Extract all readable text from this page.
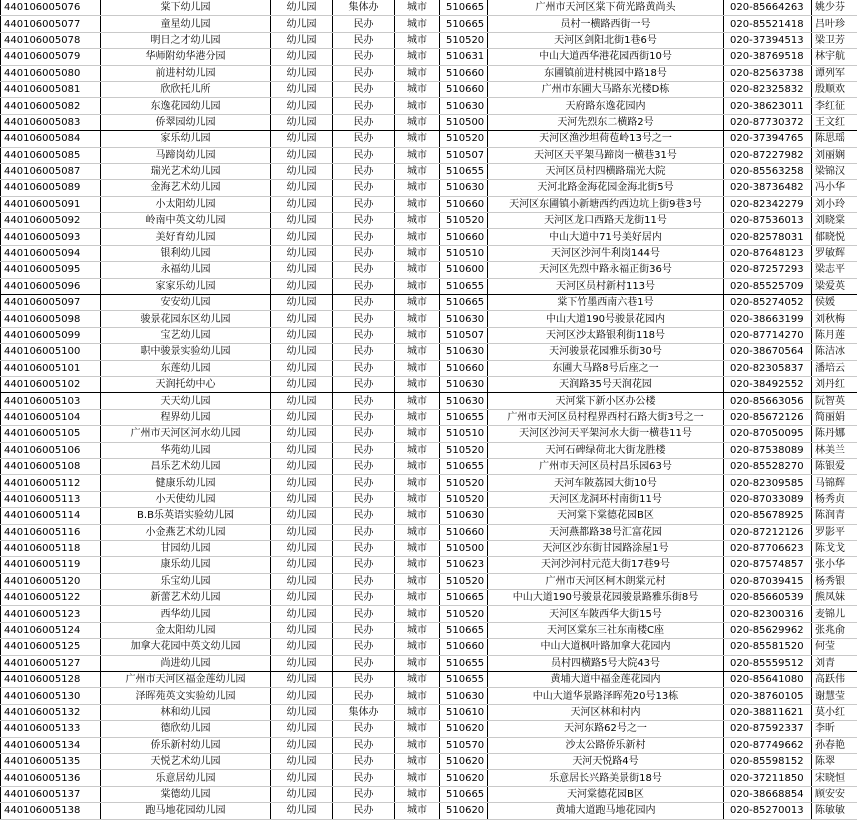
440106005076	棠下幼儿园	幼儿园	集体办	城市	510665	广州市天河区棠下荷光路黄尚头	020-85664263	姚少芬
440106005077	童星幼儿园	幼儿园	民办	城市	510665	员村一横路西街一号	020-85521418	吕叶珍
440106005078	明日之才幼儿园	幼儿园	民办	城市	510520	天河区剑阳北街1巷6号	020-37394513	梁卫芳
440106005079	华师附幼华港分园	幼儿园	民办	城市	510631	中山大道西华港花园西街10号	020-38769518	林宇航
440106005080	前进村幼儿园	幼儿园	民办	城市	510660	东圃镇前进村桃园中路18号	020-82563738	谭列军
440106005081	欣欣托儿所	幼儿园	民办	城市	510660	广州市东圃大马路东光楼D栋	020-82325832	殷顺欢
440106005082	东逸花园幼儿园	幼儿园	民办	城市	510630	天府路东逸花园内	020-38623011	李红征
440106005083	侨翠园幼儿园	幼儿园	民办	城市	510500	天河先烈东二横路2号	020-87730372	王文红
440106005084	家乐幼儿园	幼儿园	民办	城市	510520	天河区渔沙坦荷苞岭13号之一	020-37394765	陈思瑶
440106005085	马蹄岗幼儿园	幼儿园	民办	城市	510507	天河区天平架马蹄岗一横巷31号	020-87227982	刘丽娴
440106005087	瑞光艺术幼儿园	幼儿园	民办	城市	510655	天河区员村四横路瑞光大院	020-85563258	梁锦汉
440106005089	金海艺术幼儿园	幼儿园	民办	城市	510630	天河北路金海花园金海北街5号	020-38736482	冯小华
440106005091	小太阳幼儿园	幼儿园	民办	城市	510660	天河区东圃镇小新塘西约西边坑上街9巷3号	020-82342279	刘小玲
440106005092	岭南中英文幼儿园	幼儿园	民办	城市	510520	天河区龙口西路天龙街11号	020-87536013	刘晓棠
440106005093	美好育幼儿园	幼儿园	民办	城市	510660	中山大道中71号美好居内	020-82578031	郁晓悦
440106005094	银利幼儿园	幼儿园	民办	城市	510510	天河区沙河牛利岗144号	020-87648123	罗敏辉
440106005095	永福幼儿园	幼儿园	民办	城市	510600	天河区先烈中路永福正街36号	020-87257293	梁志平
440106005096	家家乐幼儿园	幼儿园	民办	城市	510655	天河区员村新村113号	020-85525709	梁爱英
440106005097	安安幼儿园	幼儿园	民办	城市	510665	棠下竹墨西南六巷1号	020-85274052	侯媛
440106005098	骏景花园东区幼儿园	幼儿园	民办	城市	510630	中山大道190号骏景花园内	020-38663199	刘秋梅
440106005099	宝艺幼儿园	幼儿园	民办	城市	510507	天河区沙太路银利街118号	020-87714270	陈月莲
440106005100	职中骏景实验幼儿园	幼儿园	民办	城市	510630	天河骏景花园雅乐街30号	020-38670564	陈洁冰
440106005101	东莲幼儿园	幼儿园	民办	城市	510660	东圃大马路8号后座之一	020-82305837	潘培云
440106005102	天润托幼中心	幼儿园	民办	城市	510630	天润路35号天润花园	020-38492552	刘丹红
440106005103	天天幼儿园	幼儿园	民办	城市	510630	天河棠下新小区办公楼	020-85663056	阮智英
440106005104	程界幼儿园	幼儿园	民办	城市	510655	广州市天河区员村程界西村石路大街3号之一	020-85672126	简丽娟
440106005105	广州市天河区河水幼儿园	幼儿园	民办	城市	510510	天河区沙河天平架河水大街一横巷11号	020-87050095	陈丹娜
440106005106	华苑幼儿园	幼儿园	民办	城市	510520	天河石碑绿荷北大街龙胜楼	020-87538089	林美兰
440106005108	昌乐艺术幼儿园	幼儿园	民办	城市	510655	广州市天河区员村昌乐园63号	020-85528270	陈银爱
440106005112	健康乐幼儿园	幼儿园	民办	城市	510520	天河车陂荔园大街10号	020-82309585	马锦辉
440106005113	小天使幼儿园	幼儿园	民办	城市	510520	天河区龙洞环村南街11号	020-87033089	杨秀贞
440106005114	B.B乐英语实验幼儿园	幼儿园	民办	城市	510630	天河棠下棠德花园B区	020-85678925	陈润青
440106005116	小金燕艺术幼儿园	幼儿园	民办	城市	510660	天河燕都路38号汇富花园	020-87212126	罗影平
440106005118	甘园幼儿园	幼儿园	民办	城市	510500	天河区沙东街甘园路涂屋1号	020-87706623	陈戈戈
440106005119	康乐幼儿园	幼儿园	民办	城市	510623	天河沙河村元范大街17巷9号	020-87574857	张小华
440106005120	乐宝幼儿园	幼儿园	民办	城市	510520	广州市天河区柯木朗棠元村	020-87039415	杨秀银
440106005122	新蕾艺术幼儿园	幼儿园	民办	城市	510665	中山大道190号骏景花园骏景路雅乐街8号	020-85660539	熊凤妹
440106005123	西华幼儿园	幼儿园	民办	城市	510520	天河区车陂西华大街15号	020-82300316	麦锦儿
440106005124	金太阳幼儿园	幼儿园	民办	城市	510665	天河区棠东三社东南楼C座	020-85629962	张兆俞
440106005125	加拿大花园中英文幼儿园	幼儿园	民办	城市	510660	中山大道枫叶路加拿大花园内	020-85581520	何莹
440106005127	尚进幼儿园	幼儿园	民办	城市	510655	员村四横路5号大院43号	020-85559512	刘青
440106005128	广州市天河区福金莲幼儿园	幼儿园	民办	城市	510655	黄埔大道中福金莲花园内	020-85641080	高跃伟
440106005130	泽晖苑英文实验幼儿园	幼儿园	民办	城市	510630	中山大道华景路泽晖苑20号13栋	020-38760105	谢慧莹
440106005132	林和幼儿园	幼儿园	集体办	城市	510610	天河区林和村内	020-38811621	莫小红
440106005133	德欣幼儿园	幼儿园	民办	城市	510620	天河东路62号之一	020-87592337	李昕
440106005134	侨乐新村幼儿园	幼儿园	民办	城市	510570	沙太公路侨乐新村	020-87749662	孙春艳
440106005135	天悦艺术幼儿园	幼儿园	民办	城市	510620	天河天悦路4号	020-85598152	陈翠
440106005136	乐意居幼儿园	幼儿园	民办	城市	510620	乐意居长兴路美景街18号	020-37211850	宋晓恒
440106005137	棠德幼儿园	幼儿园	民办	城市	510665	天河棠德花园B区	020-38668854	顾安安
440106005138	跑马地花园幼儿园	幼儿园	民办	城市	510620	黄埔大道跑马地花园内	020-85270013	陈敏敏
